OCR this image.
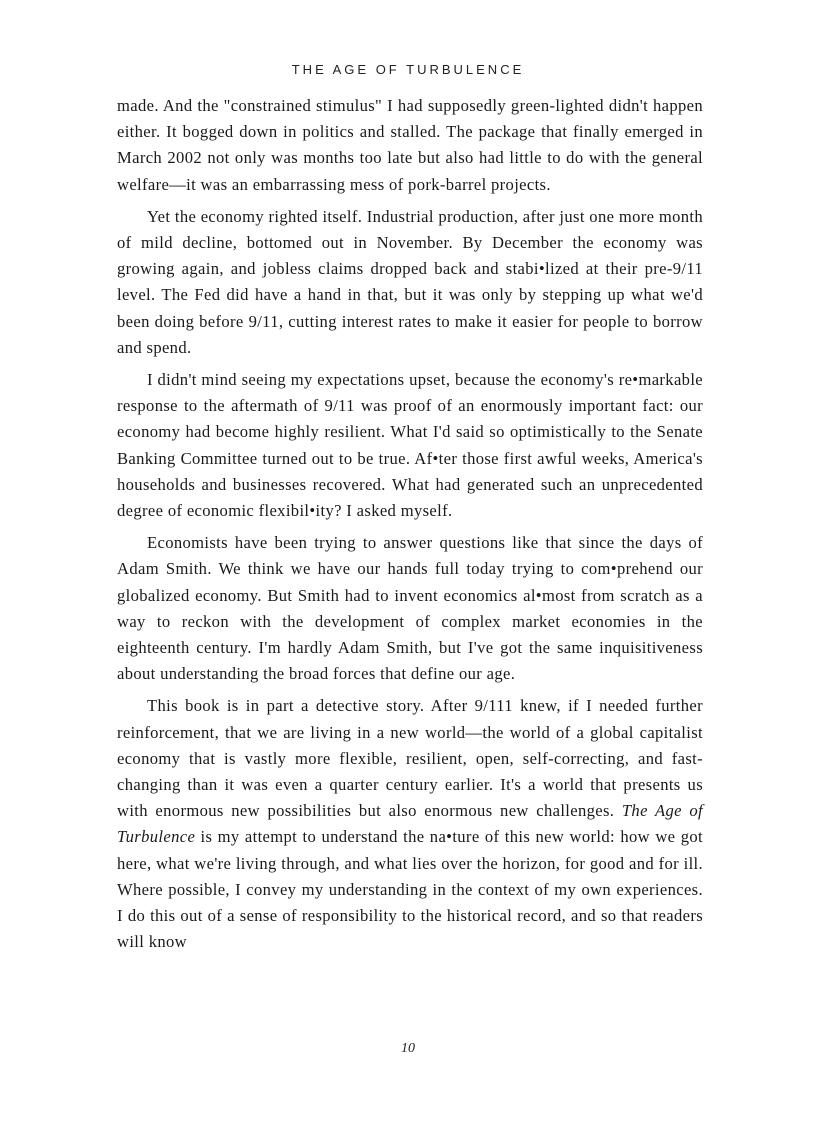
THE AGE OF TURBULENCE

made. And the "constrained stimulus" I had supposedly green-lighted didn't happen either. It bogged down in politics and stalled. The package that finally emerged in March 2002 not only was months too late but also had little to do with the general welfare—it was an embarrassing mess of pork-barrel projects.

Yet the economy righted itself. Industrial production, after just one more month of mild decline, bottomed out in November. By December the economy was growing again, and jobless claims dropped back and stabi•lized at their pre-9/11 level. The Fed did have a hand in that, but it was only by stepping up what we'd been doing before 9/11, cutting interest rates to make it easier for people to borrow and spend.

I didn't mind seeing my expectations upset, because the economy's re•markable response to the aftermath of 9/11 was proof of an enormously important fact: our economy had become highly resilient. What I'd said so optimistically to the Senate Banking Committee turned out to be true. Af•ter those first awful weeks, America's households and businesses recovered. What had generated such an unprecedented degree of economic flexibil•ity? I asked myself.

Economists have been trying to answer questions like that since the days of Adam Smith. We think we have our hands full today trying to com•prehend our globalized economy. But Smith had to invent economics al•most from scratch as a way to reckon with the development of complex market economies in the eighteenth century. I'm hardly Adam Smith, but I've got the same inquisitiveness about understanding the broad forces that define our age.

This book is in part a detective story. After 9/111 knew, if I needed further reinforcement, that we are living in a new world—the world of a global capitalist economy that is vastly more flexible, resilient, open, self-correcting, and fast-changing than it was even a quarter century earlier. It's a world that presents us with enormous new possibilities but also enormous new challenges. The Age of Turbulence is my attempt to understand the na•ture of this new world: how we got here, what we're living through, and what lies over the horizon, for good and for ill. Where possible, I convey my understanding in the context of my own experiences. I do this out of a sense of responsibility to the historical record, and so that readers will know

10
